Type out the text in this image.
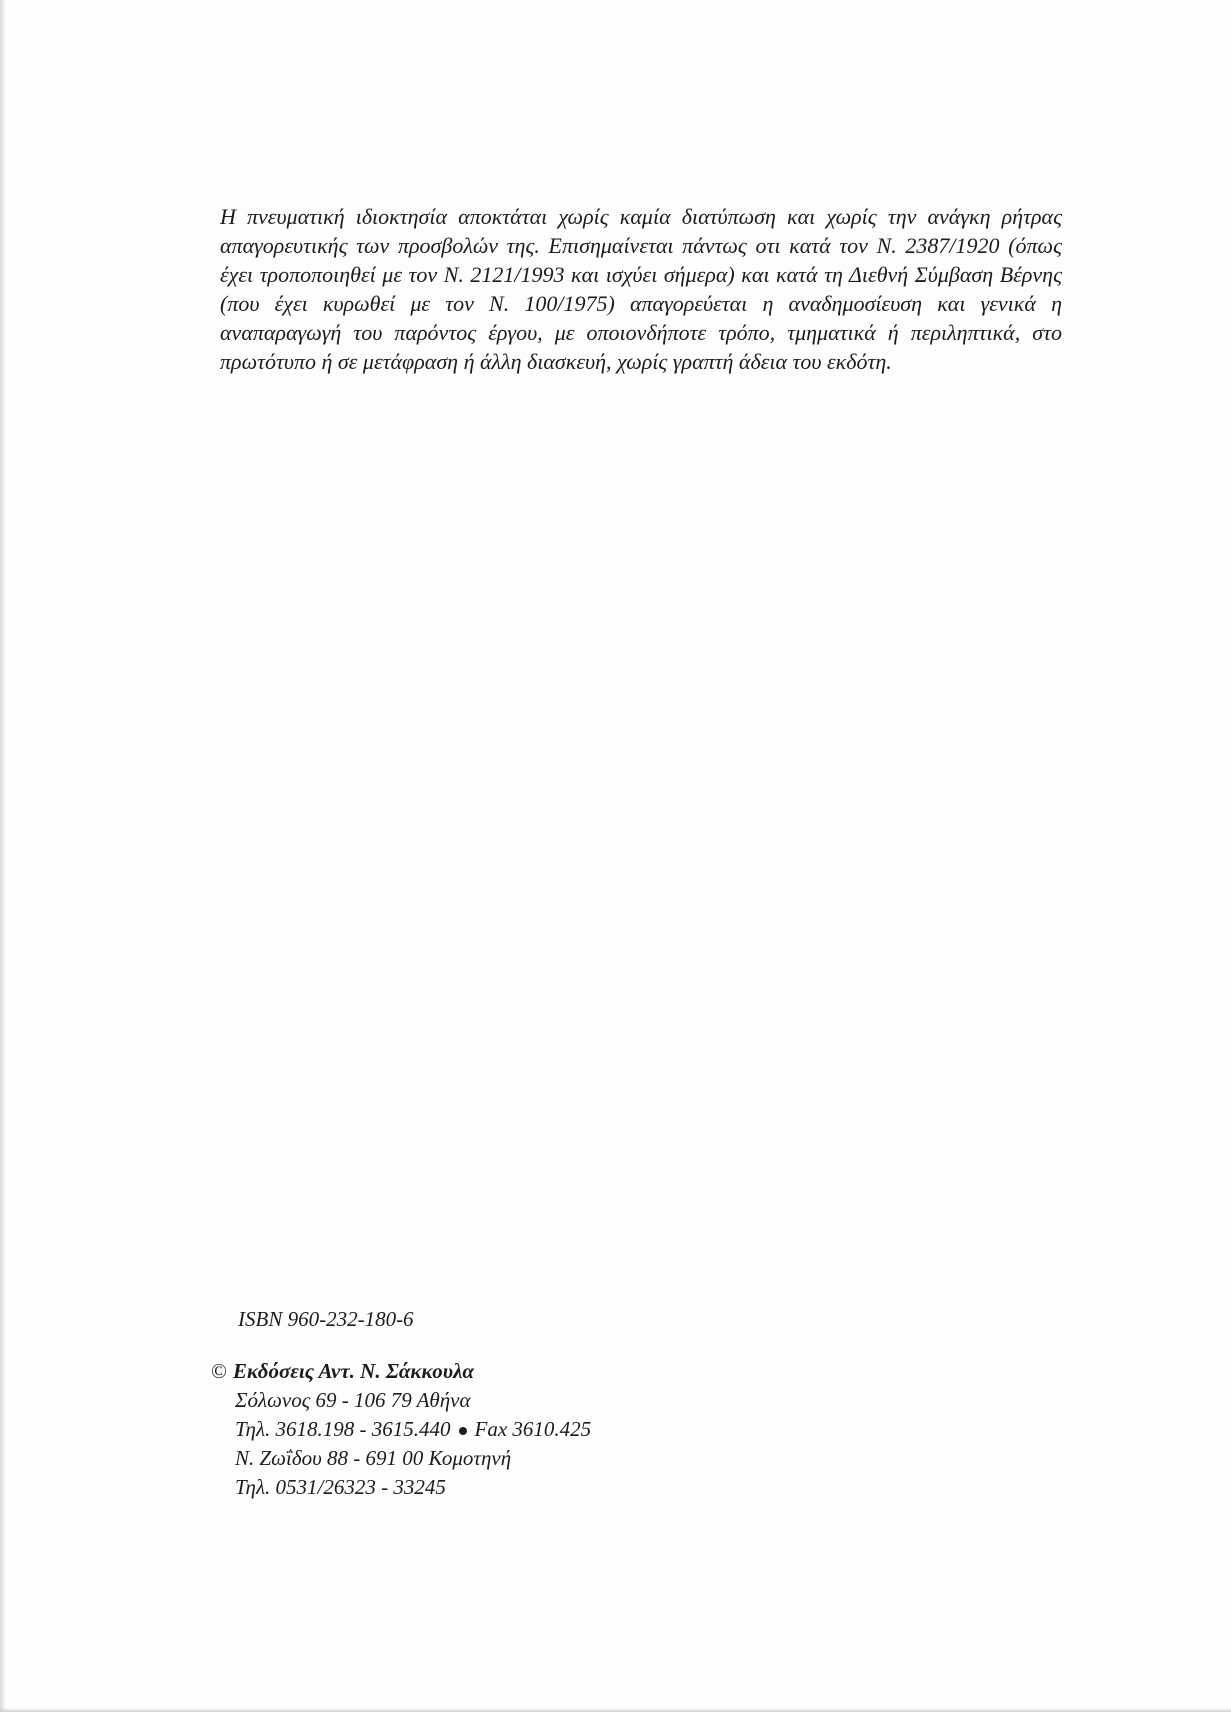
Η πνευματική ιδιοκτησία αποκτάται χωρίς καμία διατύπωση και χωρίς την ανάγκη ρήτρας απαγορευτικής των προσβολών της. Επισημαίνεται πάντως οτι κατά τον Ν. 2387/1920 (όπως έχει τροποποιηθεί με τον Ν. 2121/1993 και ισχύει σήμερα) και κατά τη Διεθνή Σύμβαση Βέρνης (που έχει κυρωθεί με τον Ν. 100/1975) απαγορεύεται η αναδημοσίευση και γενικά η αναπαραγωγή του παρόντος έργου, με οποιονδήποτε τρόπο, τμηματικά ή περιληπτικά, στο πρωτότυπο ή σε μετάφραση ή άλλη διασκευή, χωρίς γραπτή άδεια του εκδότη.

ISBN 960-232-180-6

© Εκδόσεις Αντ. Ν. Σάκκουλα
Σόλωνος 69 - 106 79 Αθήνα
Τηλ. 3618.198 - 3615.440 Fax 3610.425
Ν. Ζωΐδου 88 - 691 00 Κομοτηνή
Τηλ. 0531/26323 - 33245
